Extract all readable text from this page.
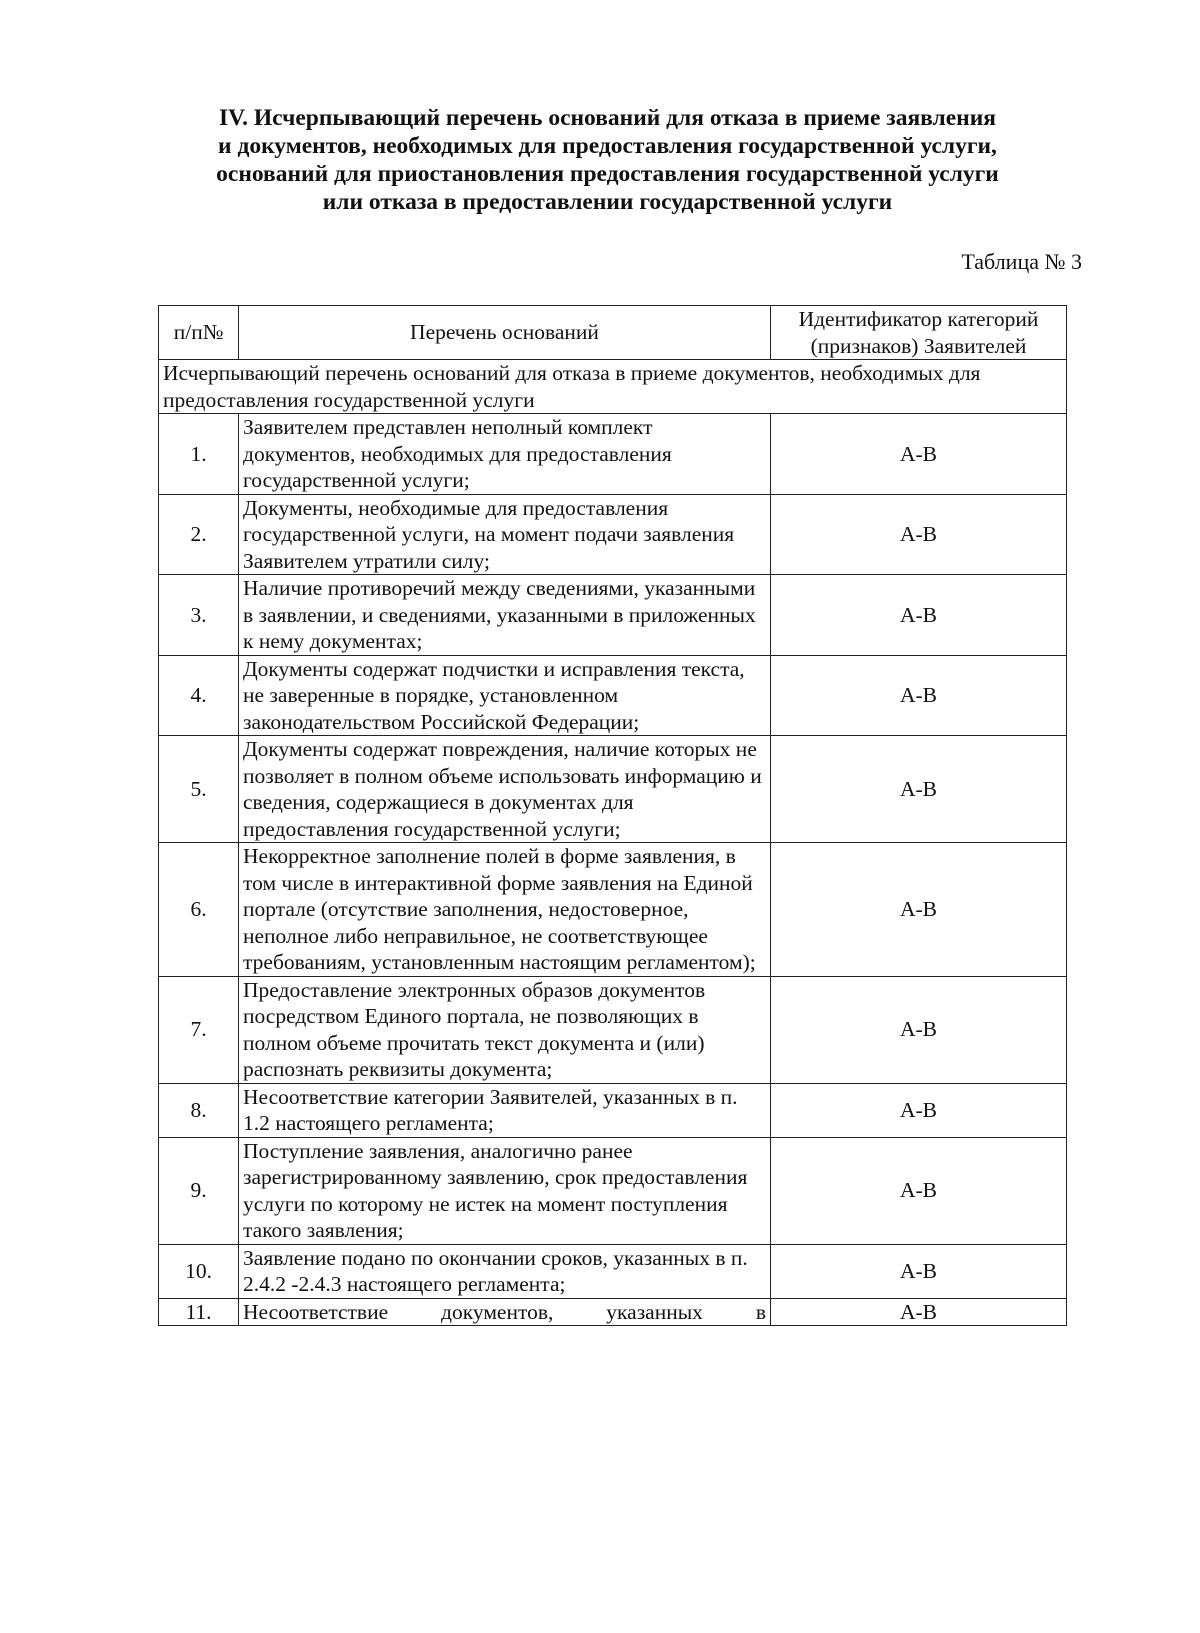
IV. Исчерпывающий перечень оснований для отказа в приеме заявления
и документов, необходимых для предоставления государственной услуги,
оснований для приостановления предоставления государственной услуги
или отказа в предоставлении государственной услуги
Таблица № 3
п/п№	Перечень оснований	Идентификатор категорий (признаков) Заявителей
Исчерпывающий перечень оснований для отказа в приеме документов, необходимых для предоставления государственной услуги		
1.	Заявителем представлен неполный комплект документов, необходимых для предоставления государственной услуги;	А-В
2.	Документы, необходимые для предоставления государственной услуги, на момент подачи заявления Заявителем утратили силу;	А-В
3.	Наличие противоречий между сведениями, указанными в заявлении, и сведениями, указанными в приложенных к нему документах;	А-В
4.	Документы содержат подчистки и исправления текста, не заверенные в порядке, установленном законодательством Российской Федерации;	А-В
5.	Документы содержат повреждения, наличие которых не позволяет в полном объеме использовать информацию и сведения, содержащиеся в документах для предоставления государственной услуги;	А-В
6.	Некорректное заполнение полей в форме заявления, в том числе в интерактивной форме заявления на Единой портале (отсутствие заполнения, недостоверное, неполное либо неправильное, не соответствующее требованиям, установленным настоящим регламентом);	А-В
7.	Предоставление электронных образов документов посредством Единого портала, не позволяющих в полном объеме прочитать текст документа и (или) распознать реквизиты документа;	А-В
8.	Несоответствие категории Заявителей, указанных в п. 1.2 настоящего регламента;	А-В
9.	Поступление заявления, аналогично ранее зарегистрированному заявлению, срок предоставления услуги по которому не истек на момент поступления такого заявления;	А-В
10.	Заявление подано по окончании сроков, указанных в п. 2.4.2 -2.4.3 настоящего регламента;	А-В
11.	Несоответствие документов, указанных в	А-В
